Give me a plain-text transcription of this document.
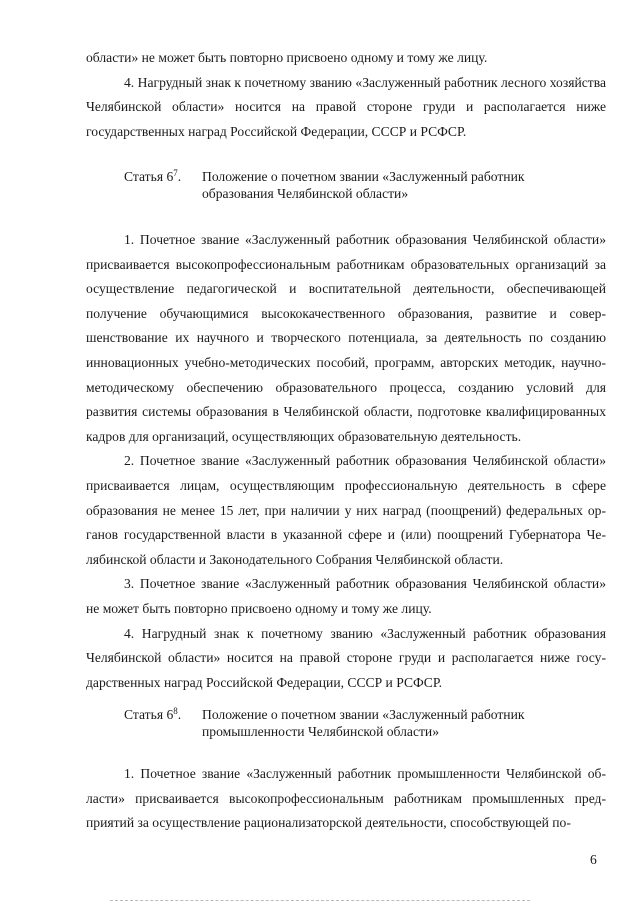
области» не может быть повторно присвоено одному и тому же лицу.

4. Нагрудный знак к почетному званию «Заслуженный работник лесного хозяйства Челябинской области» носится на правой стороне груди и располагается ниже государственных наград Российской Федерации, СССР и РСФСР.

Статья $6^7$.	Положение о почетном звании «Заслуженный работник
образования Челябинской области»

1. Почетное звание «Заслуженный работник образования Челябинской области» присваивается высокопрофессиональным работникам образовательных организаций за осуществление педагогической и воспитательной деятельности, обеспечивающей получение обучающимися высококачественного образования, развитие и совершенствование их научного и творческого потенциала, за деятельность по созданию инновационных учебно-методических пособий, программ, авторских методик, научно-методическому обеспечению образовательного процесса, созданию условий для развития системы образования в Челябинской области, подготовке квалифицированных кадров для организаций, осуществляющих образовательную деятельность.

2. Почетное звание «Заслуженный работник образования Челябинской области» присваивается лицам, осуществляющим профессиональную деятельность в сфере образования не менее 15 лет, при наличии у них наград (поощрений) федеральных органов государственной власти в указанной сфере и (или) поощрений Губернатора Челябинской области и Законодательного Собрания Челябинской области.

3. Почетное звание «Заслуженный работник образования Челябинской области» не может быть повторно присвоено одному и тому же лицу.

4. Нагрудный знак к почетному званию «Заслуженный работник образования Челябинской области» носится на правой стороне груди и располагается ниже государственных наград Российской Федерации, СССР и РСФСР.

Статья $6^8$.	Положение о почетном звании «Заслуженный работник
промышленности Челябинской области»

1. Почетное звание «Заслуженный работник промышленности Челябинской области» присваивается высокопрофессиональным работникам промышленных предприятий за осуществление рационализаторской деятельности, способствующей по-

6
